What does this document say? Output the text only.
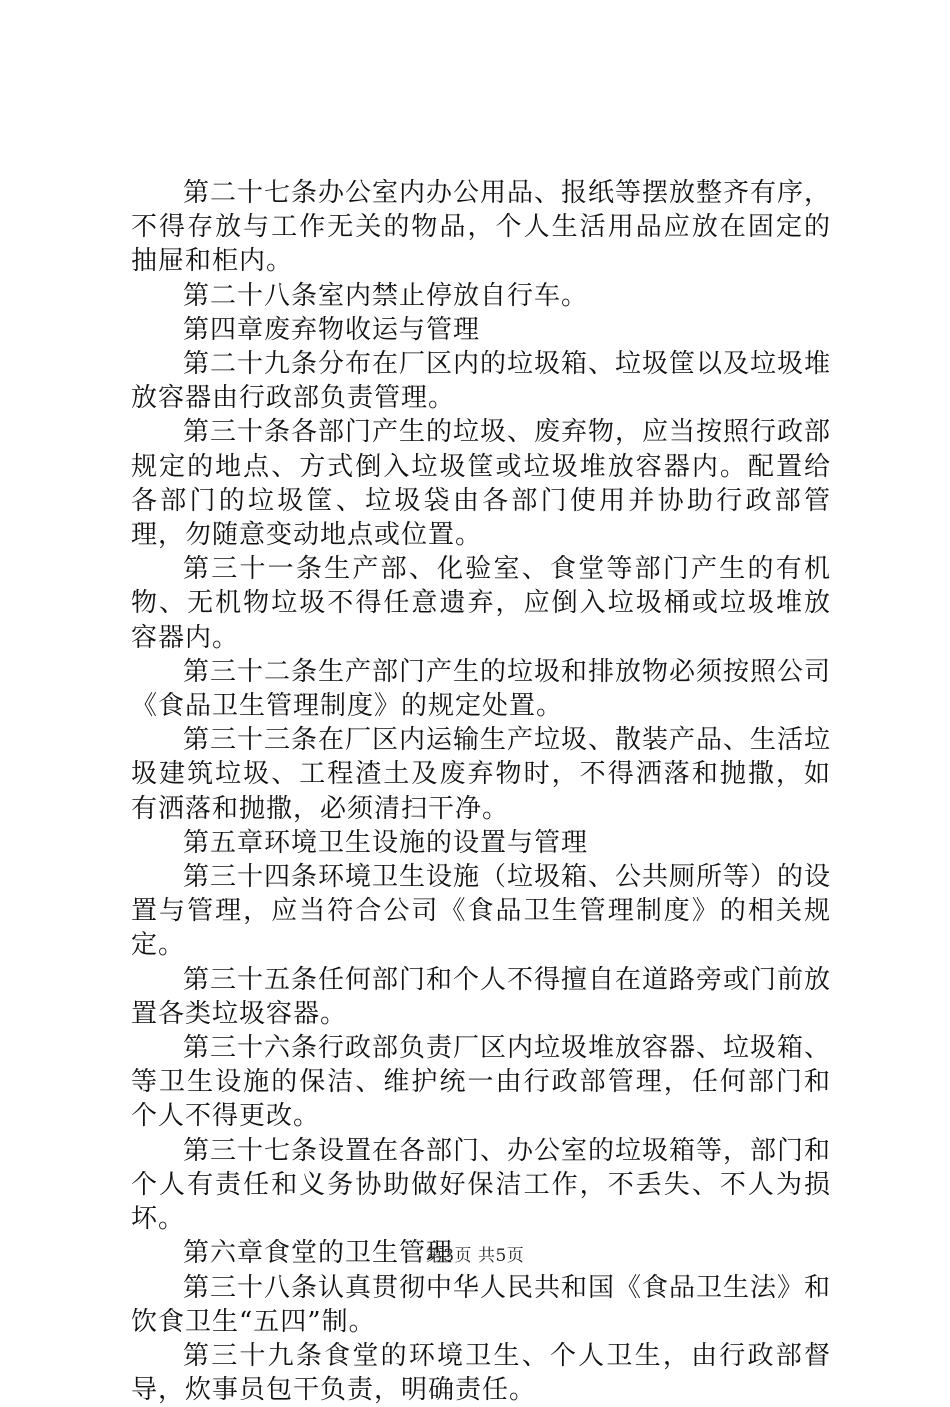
第二十七条办公室内办公用品、报纸等摆放整齐有序，不得存放与工作无关的物品，个人生活用品应放在固定的抽屉和柜内。

第二十八条室内禁止停放自行车。

第四章废弃物收运与管理

第二十九条分布在厂区内的垃圾箱、垃圾筐以及垃圾堆放容器由行政部负责管理。

第三十条各部门产生的垃圾、废弃物，应当按照行政部规定的地点、方式倒入垃圾筐或垃圾堆放容器内。配置给各部门的垃圾筐、垃圾袋由各部门使用并协助行政部管理，勿随意变动地点或位置。

第三十一条生产部、化验室、食堂等部门产生的有机物、无机物垃圾不得任意遗弃，应倒入垃圾桶或垃圾堆放容器内。

第三十二条生产部门产生的垃圾和排放物必须按照公司《食品卫生管理制度》的规定处置。

第三十三条在厂区内运输生产垃圾、散装产品、生活垃圾建筑垃圾、工程渣土及废弃物时，不得洒落和抛撒，如有洒落和抛撒，必须清扫干净。

第五章环境卫生设施的设置与管理

第三十四条环境卫生设施（垃圾箱、公共厕所等）的设置与管理，应当符合公司《食品卫生管理制度》的相关规定。

第三十五条任何部门和个人不得擅自在道路旁或门前放置各类垃圾容器。

第三十六条行政部负责厂区内垃圾堆放容器、垃圾箱、等卫生设施的保洁、维护统一由行政部管理，任何部门和个人不得更改。

第三十七条设置在各部门、办公室的垃圾箱等，部门和个人有责任和义务协助做好保洁工作，不丢失、不人为损坏。

第六章食堂的卫生管理

第三十八条认真贯彻中华人民共和国《食品卫生法》和饮食卫生“五四”制。

第三十九条食堂的环境卫生、个人卫生，由行政部督导，炊事员包干负责，明确责任。

第3页 共5页
